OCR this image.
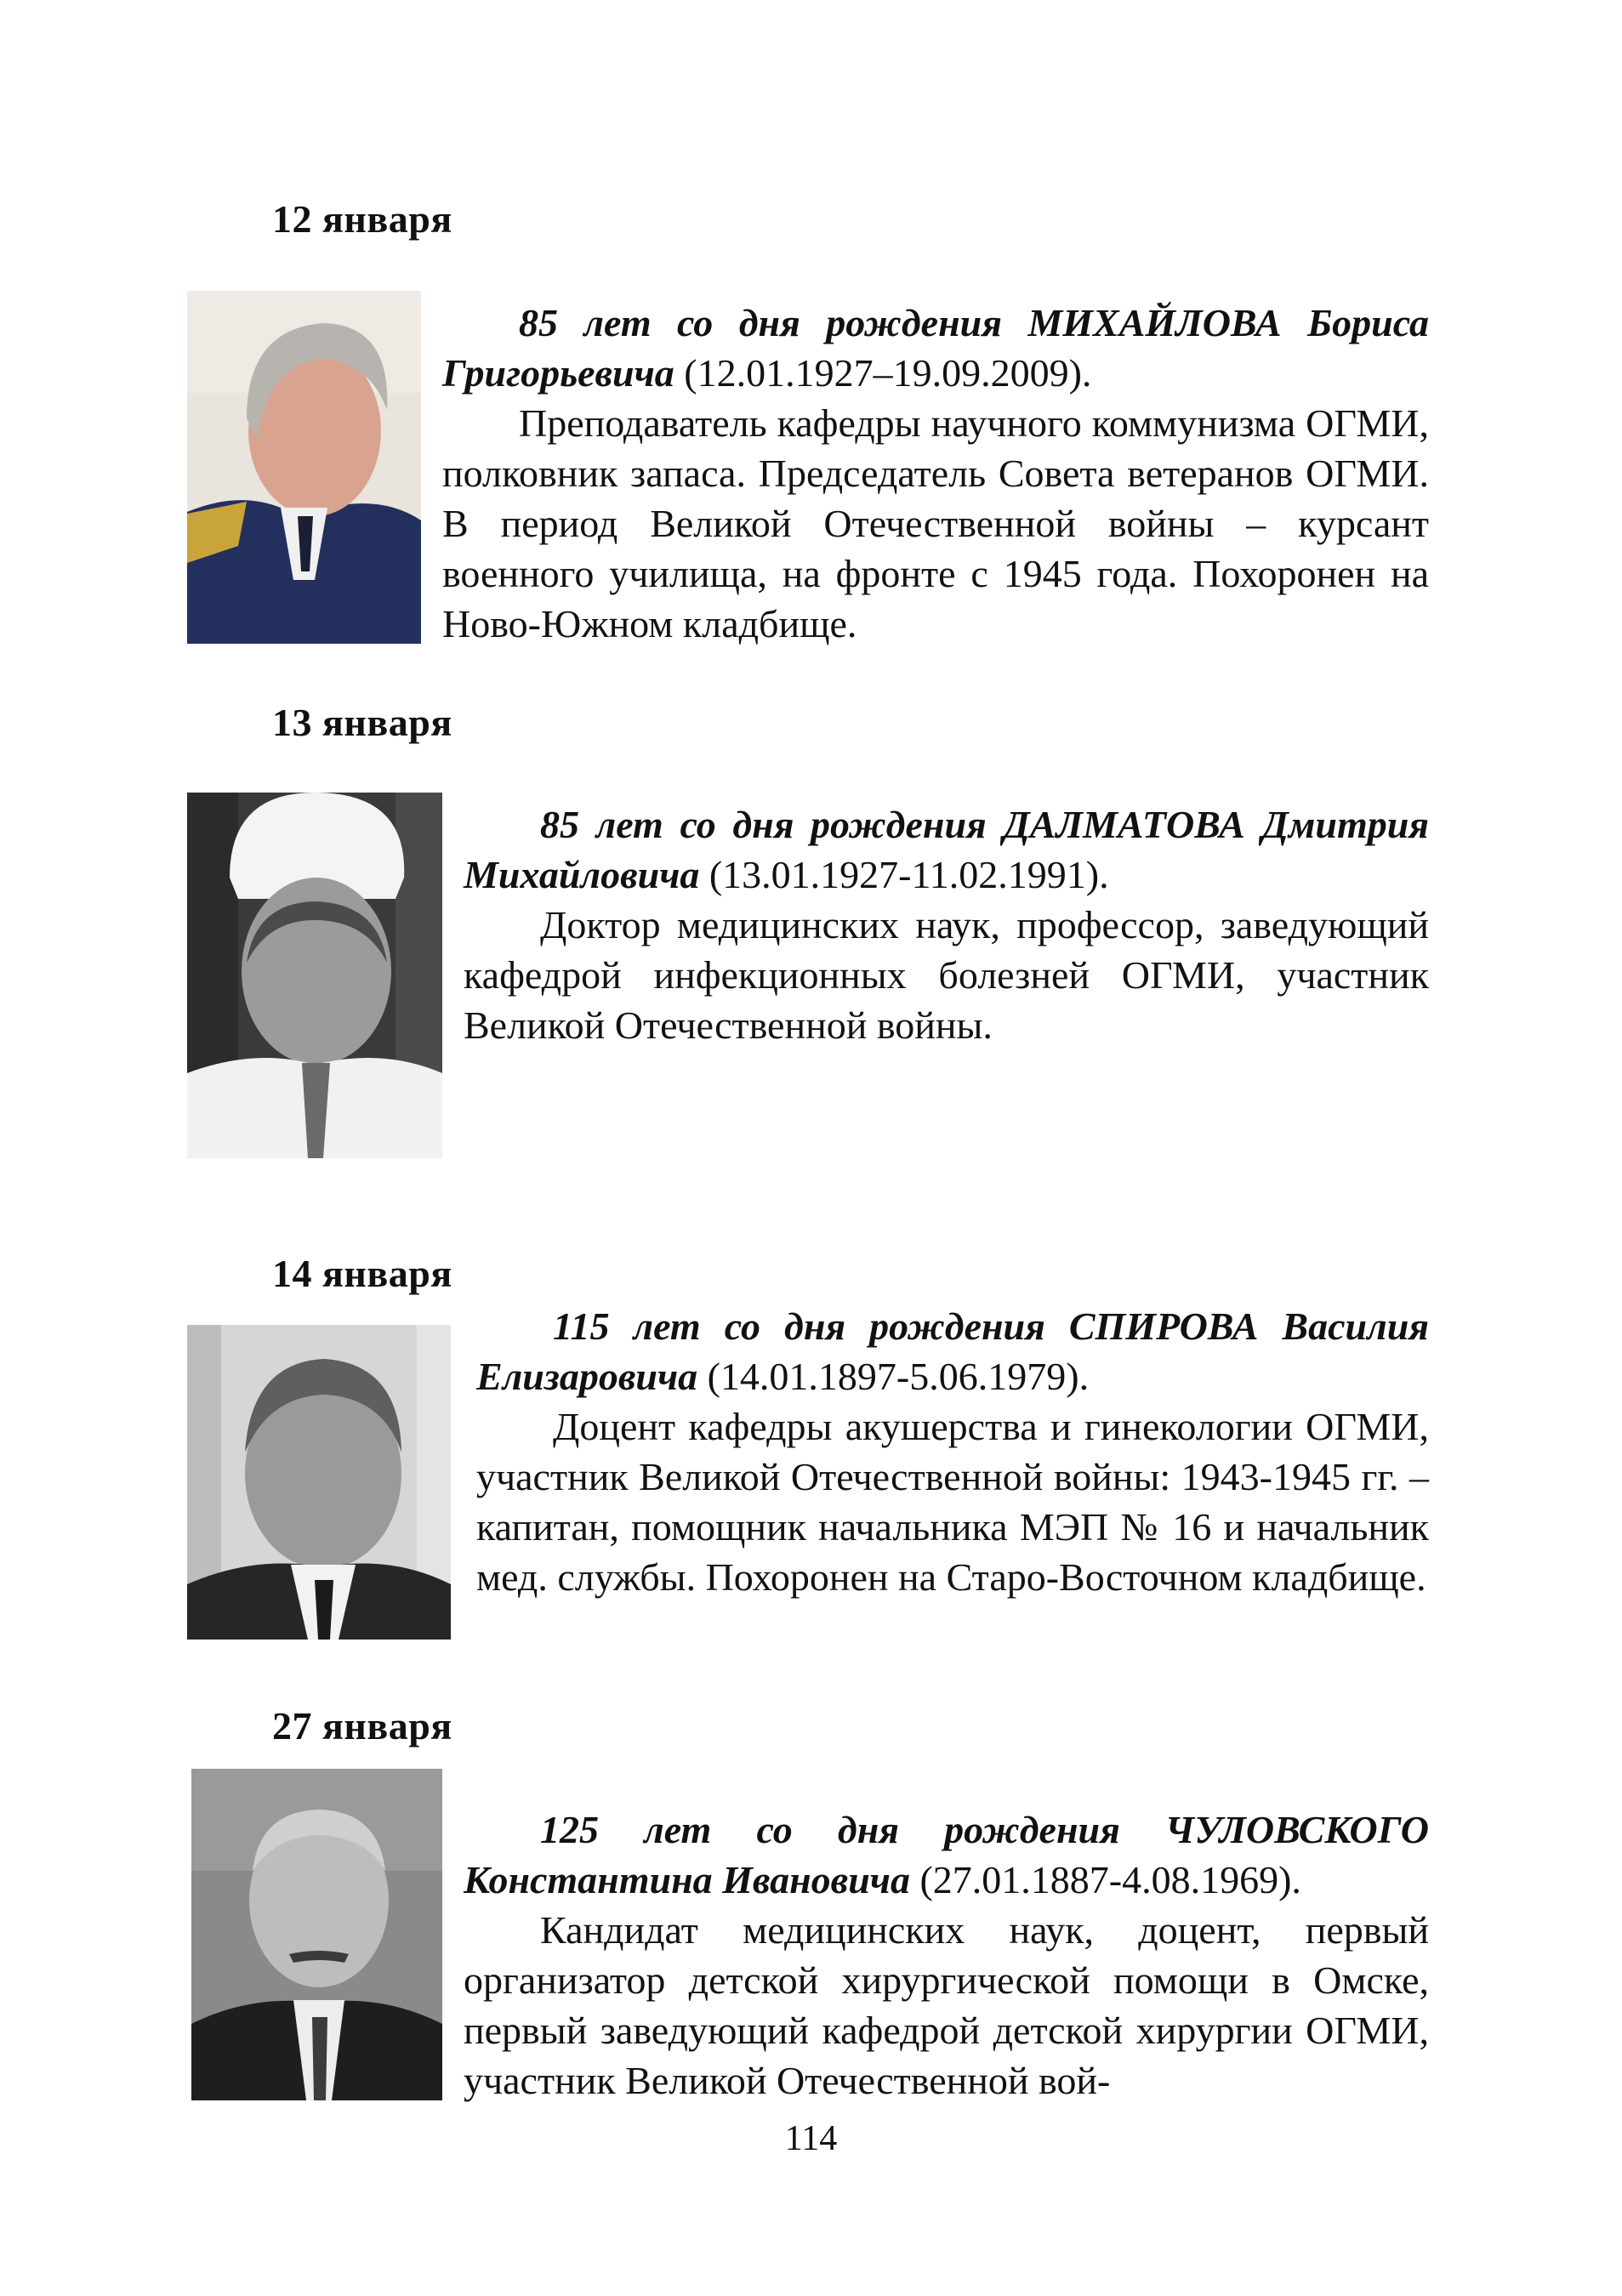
12 января

85 лет со дня рождения МИХАЙЛОВА Бориса Григорьевича (12.01.1927–19.09.2009).

Преподаватель кафедры научного коммунизма ОГМИ, полковник запаса. Председатель Совета ветеранов ОГМИ. В период Великой Отечественной войны – курсант военного училища, на фронте с 1945 года. Похоронен на Ново-Южном кладбище.

13 января

85 лет со дня рождения ДАЛМАТОВА Дмитрия Михайловича (13.01.1927-11.02.1991).

Доктор медицинских наук, профессор, заведующий кафедрой инфекционных болезней ОГМИ, участник Великой Отечественной войны.

14 января

115 лет со дня рождения СПИРОВА Василия Елизаровича (14.01.1897-5.06.1979).

Доцент кафедры акушерства и гинекологии ОГМИ, участник Великой Отечественной войны: 1943-1945 гг. – капитан, помощник начальника МЭП № 16 и начальник мед. службы. Похоронен на Старо-Восточном кладбище.

27 января

125 лет со дня рождения ЧУЛОВСКОГО Константина Ивановича (27.01.1887-4.08.1969).

Кандидат медицинских наук, доцент, первый организатор детской хирургической помощи в Омске, первый заведующий кафедрой детской хирургии ОГМИ, участник Великой Отечественной вой-

114
